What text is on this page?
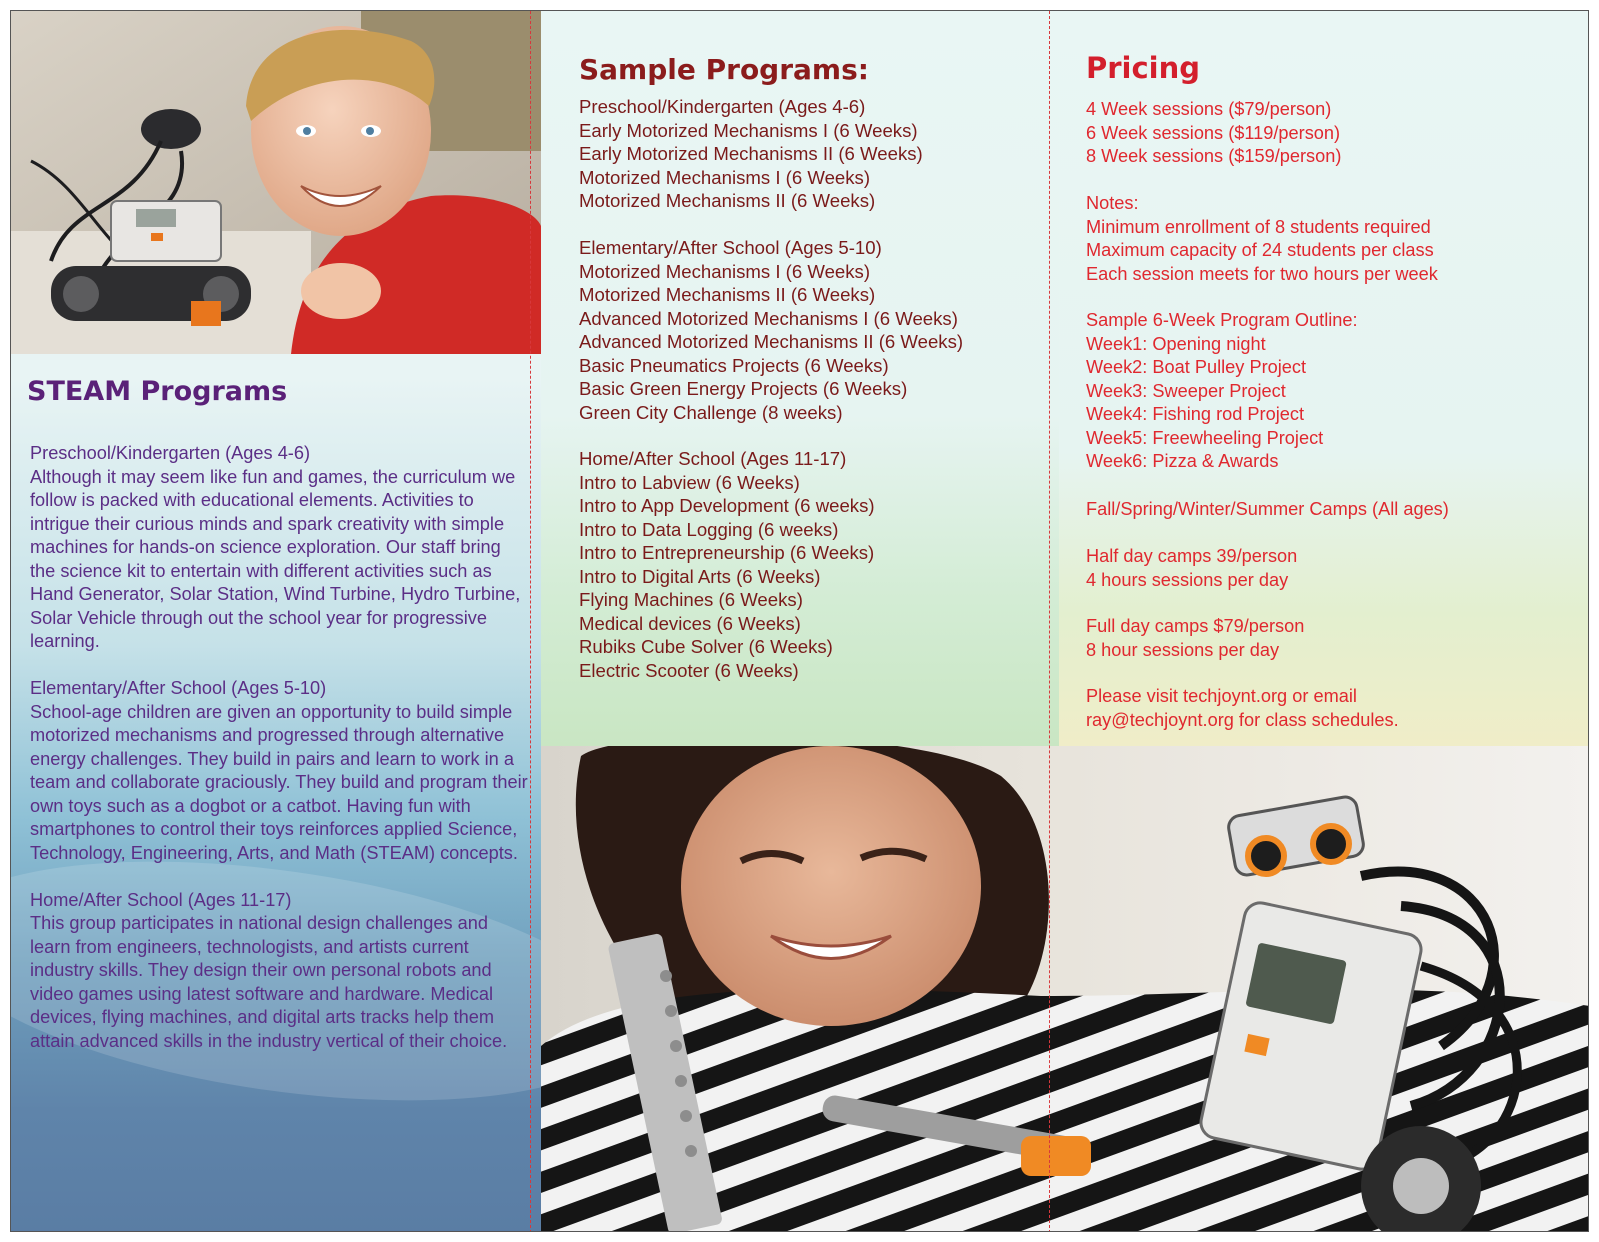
STEAM Programs

Preschool/Kindergarten (Ages 4-6)
Although it may seem like fun and games, the curriculum we follow is packed with educational elements. Activities to intrigue their curious minds and spark creativity with simple machines for hands-on science exploration. Our staff bring the science kit to entertain with different activities such as Hand Generator, Solar Station, Wind Turbine, Hydro Turbine, Solar Vehicle through out the school year for progressive learning.

Elementary/After School (Ages 5-10)
School-age children are given an opportunity to build simple motorized mechanisms and progressed through alternative energy challenges. They build in pairs and learn to work in a team and collaborate graciously. They build and program their own toys such as a dogbot or a catbot. Having fun with smartphones to control their toys reinforces applied Science, Technology, Engineering, Arts, and Math (STEAM) concepts.

Home/After School (Ages 11-17)
This group participates in national design challenges and learn from engineers, technologists, and artists current industry skills. They design their own personal robots and video games using latest software and hardware. Medical devices, flying machines, and digital arts tracks help them attain advanced skills in the industry vertical of their choice.

Sample Programs:
Preschool/Kindergarten (Ages 4-6)
Early Motorized Mechanisms I (6 Weeks)
Early Motorized Mechanisms II (6 Weeks)
Motorized Mechanisms I (6 Weeks)
Motorized Mechanisms II (6 Weeks)
Elementary/After School (Ages 5-10)
Motorized Mechanisms I (6 Weeks)
Motorized Mechanisms II (6 Weeks)
Advanced Motorized Mechanisms I (6 Weeks)
Advanced Motorized Mechanisms II (6 Weeks)
Basic Pneumatics Projects (6 Weeks)
Basic Green Energy Projects (6 Weeks)
Green City Challenge (8 weeks)
Home/After School (Ages 11-17)
Intro to Labview (6 Weeks)
Intro to App Development (6 weeks)
Intro to Data Logging (6 weeks)
Intro to Entrepreneurship (6 Weeks)
Intro to Digital Arts (6 Weeks)
Flying Machines (6 Weeks)
Medical devices (6 Weeks)
Rubiks Cube Solver (6 Weeks)
Electric Scooter (6 Weeks)
Pricing
4 Week sessions ($79/person)
6 Week sessions ($119/person)
8 Week sessions ($159/person)
Notes:
Minimum enrollment of 8 students required
Maximum capacity of 24 students per class
Each session meets for two hours per week
Sample 6-Week Program Outline:
Week1: Opening night
Week2: Boat Pulley Project
Week3: Sweeper Project
Week4: Fishing rod Project
Week5: Freewheeling Project
Week6: Pizza & Awards
Fall/Spring/Winter/Summer Camps (All ages)
Half day camps 39/person
4 hours sessions per day
Full day camps $79/person
8 hour sessions per day
Please visit techjoynt.org or email
ray@techjoynt.org for class schedules.
